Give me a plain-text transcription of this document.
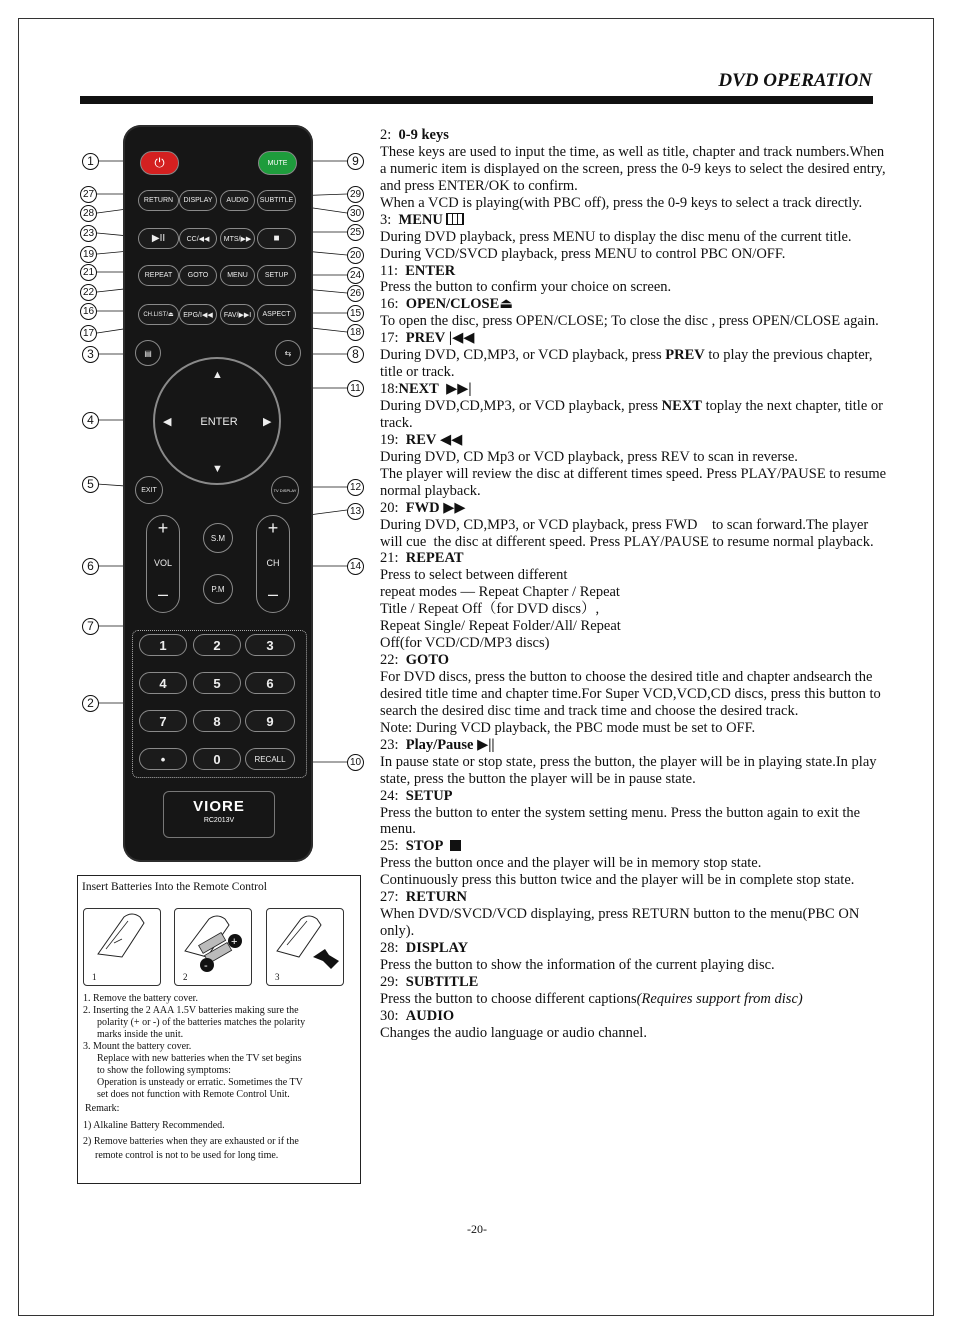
DVD OPERATION
1
27
28
23
19
21
22
16
17
3
4
5
6
7
2
9
29
30
25
20
24
26
15
18
8
11
12
13
14
10
⏻	MUTE
RETURN	DISPLAY	AUDIO	SUBTITLE
▶II	CC/◀◀	MTS/▶▶	■
REPEAT	GOTO	MENU	SETUP
CH.LIST/⏏	EPG/I◀◀	FAV/▶▶I	ASPECT
▤	⇆
▲
▼
◀	▶
ENTER
EXIT	TV DISPLAY
+
VOL
–
+
CH
–
S.M
P.M
1	2	3
4	5	6
7	8	9
•	0	RECALL
VIORE
RC2013V
Insert Batteries Into the Remote Control
1
+
-
2	3
1. Remove the battery cover.
2. Inserting the 2 AAA 1.5V batteries making sure the
polarity (+ or -) of the batteries matches the polarity
marks inside the unit.
3. Mount the battery cover.
Replace with new batteries when the TV set begins
to show the following symptoms:
Operation is unsteady or erratic. Sometimes the TV
set does not function with Remote Control Unit.
Remark:
1) Alkaline Battery Recommended.
2) Remove batteries when they are exhausted or if the
remote control is not to be used for long time.

2: 0-9 keys

These keys are used to input the time, as well as title, chapter and track numbers.When a numeric item is displayed on the screen, press the 0-9 keys to select the desired entry, and press ENTER/OK to confirm.

When a VCD is playing(with PBC off), press the 0-9 keys to select a track directly.

3: MENU

During DVD playback, press MENU to display the disc menu of the current title.

During VCD/SVCD playback, press MENU to control PBC ON/OFF.

11: ENTER

Press the button to confirm your choice on screen.

16: OPEN/CLOSE⏏

To open the disc, press OPEN/CLOSE; To close the disc , press OPEN/CLOSE again.

17: PREV |◀◀

During DVD, CD,MP3, or VCD playback, press PREV to play the previous chapter, title or track.

18:NEXT ▶▶|

During DVD,CD,MP3, or VCD playback, press NEXT toplay the next chapter, title or track.

19: REV ◀◀

During DVD, CD Mp3 or VCD playback, press REV to scan in reverse.

The player will review the disc at different times speed. Press PLAY/PAUSE to resume normal playback.

20: FWD ▶▶

During DVD, CD,MP3, or VCD playback, press FWD    to scan forward.The player will cue  the disc at different speed. Press PLAY/PAUSE to resume normal playback.

21: REPEAT

Press to select between different

repeat modes — Repeat Chapter / Repeat

Title / Repeat Off（for DVD discs）,

Repeat Single/ Repeat Folder/All/ Repeat

Off(for VCD/CD/MP3 discs)

22: GOTO

For DVD discs, press the button to choose the desired title and chapter andsearch the desired title time and chapter time.For Super VCD,VCD,CD discs, press this button to search the desired disc time and track time and choose the desired track.

Note: During VCD playback, the PBC mode must be set to OFF.

23: Play/Pause ▶||

In pause state or stop state, press the button, the player will be in playing state.In play state, press the button the player will be in pause state.

24: SETUP

Press the button to enter the system setting menu. Press the button again to exit the menu.

25: STOP

Press the button once and the player will be in memory stop state.

Continuously press this button twice and the player will be in complete stop state.

27: RETURN

When DVD/SVCD/VCD displaying, press RETURN button to the menu(PBC ON only).

28: DISPLAY

Press the button to show the information of the current playing disc.

29: SUBTITLE

Press the button to choose different captions(Requires support from disc)

30: AUDIO

Changes the audio language or audio channel.

-20-
